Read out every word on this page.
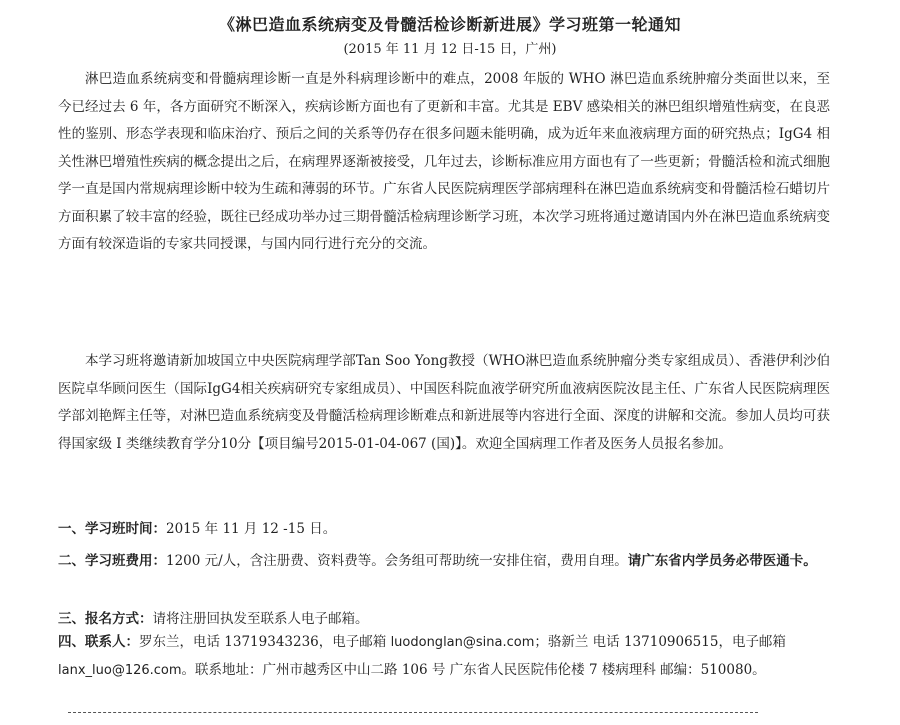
《淋巴造血系统病变及骨髓活检诊断新进展》学习班第一轮通知
(2015 年 11 月 12 日-15 日，广州)

淋巴造血系统病变和骨髓病理诊断一直是外科病理诊断中的难点，2008 年版的 WHO 淋巴造血系统肿瘤分类面世以来，至今已经过去 6 年，各方面研究不断深入，疾病诊断方面也有了更新和丰富。尤其是 EBV 感染相关的淋巴组织增殖性病变，在良恶性的鉴别、形态学表现和临床治疗、预后之间的关系等仍存在很多问题未能明确，成为近年来血液病理方面的研究热点；IgG4 相关性淋巴增殖性疾病的概念提出之后，在病理界逐渐被接受，几年过去，诊断标准应用方面也有了一些更新；骨髓活检和流式细胞学一直是国内常规病理诊断中较为生疏和薄弱的环节。广东省人民医院病理医学部病理科在淋巴造血系统病变和骨髓活检石蜡切片方面积累了较丰富的经验，既往已经成功举办过三期骨髓活检病理诊断学习班，本次学习班将通过邀请国内外在淋巴造血系统病变方面有较深造诣的专家共同授课，与国内同行进行充分的交流。

本学习班将邀请新加坡国立中央医院病理学部Tan Soo Yong教授（WHO淋巴造血系统肿瘤分类专家组成员）、香港伊利沙伯医院卓华顾问医生（国际IgG4相关疾病研究专家组成员）、中国医科院血液学研究所血液病医院汝昆主任、广东省人民医院病理医学部刘艳辉主任等，对淋巴造血系统病变及骨髓活检病理诊断难点和新进展等内容进行全面、深度的讲解和交流。参加人员均可获得国家级 I 类继续教育学分10分【项目编号2015-01-04-067 (国)】。欢迎全国病理工作者及医务人员报名参加。

一、学习班时间：2015 年 11 月 12 -15 日。

二、学习班费用：1200 元/人，含注册费、资料费等。会务组可帮助统一安排住宿，费用自理。请广东省内学员务必带医通卡。

三、报名方式：请将注册回执发至联系人电子邮箱。

四、联系人：罗东兰，电话 13719343236，电子邮箱 luodonglan@sina.com；骆新兰 电话 13710906515，电子邮箱 lanx_luo@126.com。联系地址：广州市越秀区中山二路 106 号 广东省人民医院伟伦楼 7 楼病理科 邮编：510080。
